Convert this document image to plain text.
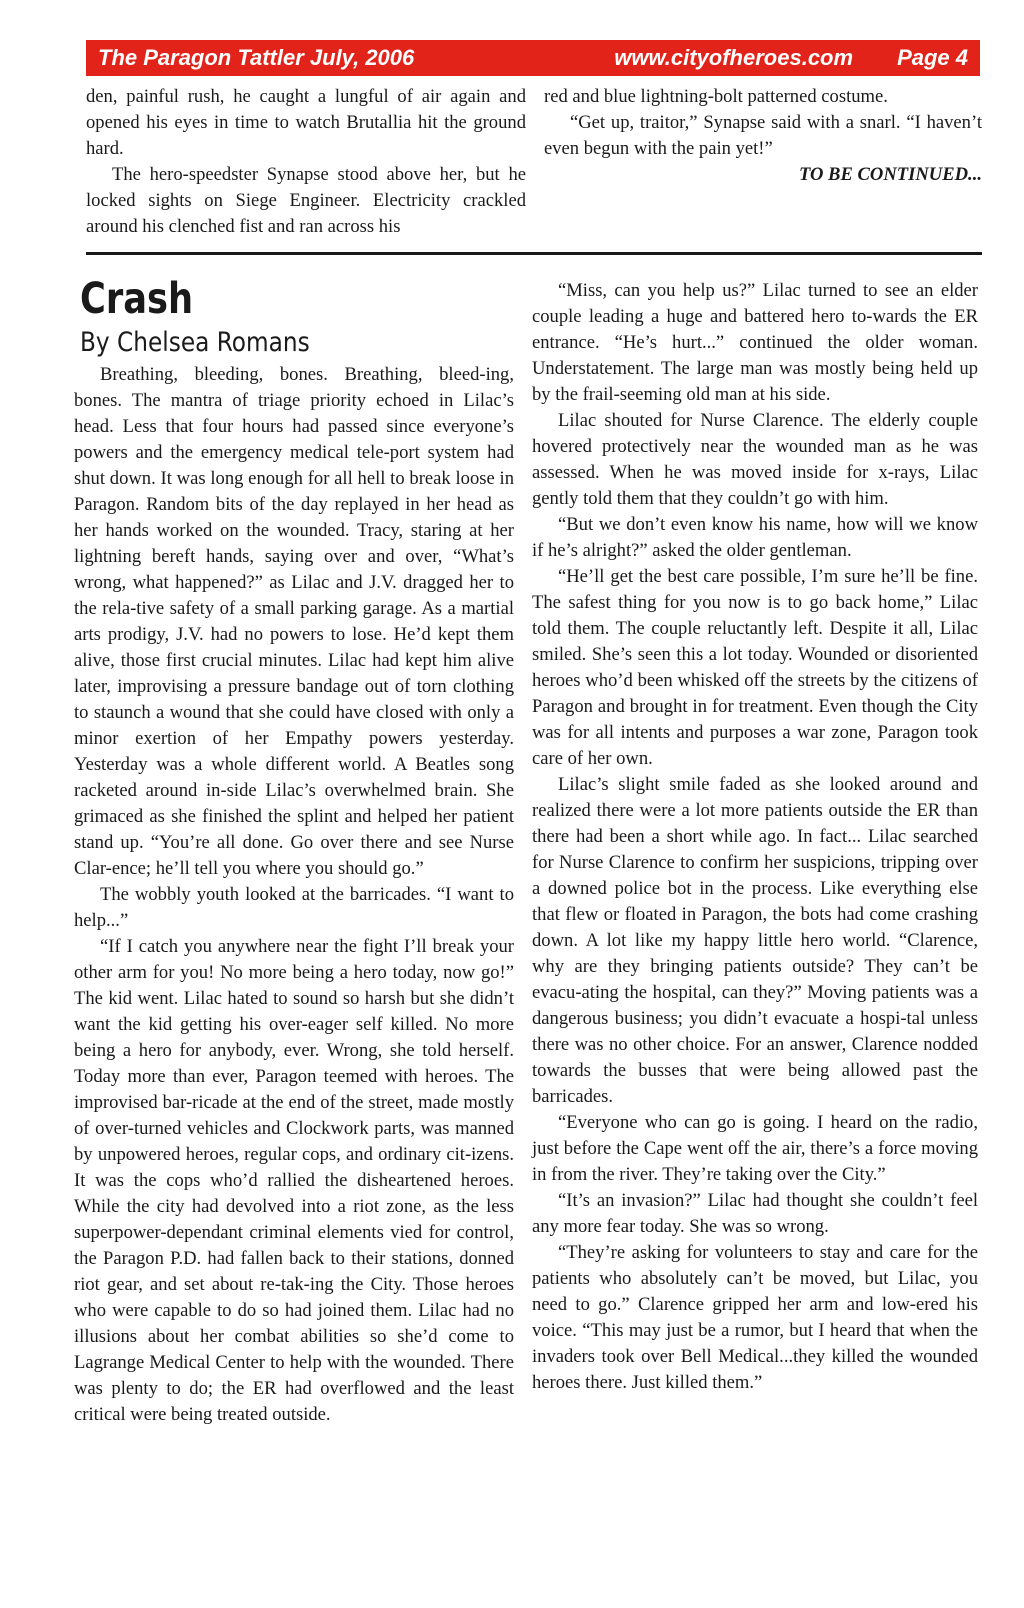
The Paragon Tattler July, 2006	www.cityofheroes.com Page 4

den, painful rush, he caught a lungful of air again and opened his eyes in time to watch Brutallia hit the ground hard.

The hero-speedster Synapse stood above her, but he locked sights on Siege Engineer. Electricity crackled around his clenched fist and ran across his

red and blue lightning-bolt patterned costume.

“Get up, traitor,” Synapse said with a snarl. “I haven’t even begun with the pain yet!”

TO BE CONTINUED...

Crash
By Chelsea Romans

Breathing, bleeding, bones. Breathing, bleed-ing, bones. The mantra of triage priority echoed in Lilac’s head. Less that four hours had passed since everyone’s powers and the emergency medical tele-port system had shut down. It was long enough for all hell to break loose in Paragon. Random bits of the day replayed in her head as her hands worked on the wounded. Tracy, staring at her lightning bereft hands, saying over and over, “What’s wrong, what happened?” as Lilac and J.V. dragged her to the rela-tive safety of a small parking garage. As a martial arts prodigy, J.V. had no powers to lose. He’d kept them alive, those first crucial minutes. Lilac had kept him alive later, improvising a pressure bandage out of torn clothing to staunch a wound that she could have closed with only a minor exertion of her Empathy powers yesterday. Yesterday was a whole different world. A Beatles song racketed around in-side Lilac’s overwhelmed brain. She grimaced as she finished the splint and helped her patient stand up. “You’re all done. Go over there and see Nurse Clar-ence; he’ll tell you where you should go.”

The wobbly youth looked at the barricades. “I want to help...”

“If I catch you anywhere near the fight I’ll break your other arm for you! No more being a hero today, now go!” The kid went. Lilac hated to sound so harsh but she didn’t want the kid getting his over-eager self killed. No more being a hero for anybody, ever. Wrong, she told herself. Today more than ever, Paragon teemed with heroes. The improvised bar-ricade at the end of the street, made mostly of over-turned vehicles and Clockwork parts, was manned by unpowered heroes, regular cops, and ordinary cit-izens. It was the cops who’d rallied the disheartened heroes. While the city had devolved into a riot zone, as the less superpower-dependant criminal elements vied for control, the Paragon P.D. had fallen back to their stations, donned riot gear, and set about re-tak-ing the City. Those heroes who were capable to do so had joined them. Lilac had no illusions about her combat abilities so she’d come to Lagrange Medical Center to help with the wounded. There was plenty to do; the ER had overflowed and the least critical were being treated outside.

“Miss, can you help us?” Lilac turned to see an elder couple leading a huge and battered hero to-wards the ER entrance. “He’s hurt...” continued the older woman. Understatement. The large man was mostly being held up by the frail-seeming old man at his side.

Lilac shouted for Nurse Clarence. The elderly couple hovered protectively near the wounded man as he was assessed. When he was moved inside for x-rays, Lilac gently told them that they couldn’t go with him.

“But we don’t even know his name, how will we know if he’s alright?” asked the older gentleman.

“He’ll get the best care possible, I’m sure he’ll be fine. The safest thing for you now is to go back home,” Lilac told them. The couple reluctantly left. Despite it all, Lilac smiled. She’s seen this a lot today. Wounded or disoriented heroes who’d been whisked off the streets by the citizens of Paragon and brought in for treatment. Even though the City was for all intents and purposes a war zone, Paragon took care of her own.

Lilac’s slight smile faded as she looked around and realized there were a lot more patients outside the ER than there had been a short while ago. In fact... Lilac searched for Nurse Clarence to confirm her suspicions, tripping over a downed police bot in the process. Like everything else that flew or floated in Paragon, the bots had come crashing down. A lot like my happy little hero world. “Clarence, why are they bringing patients outside? They can’t be evacu-ating the hospital, can they?” Moving patients was a dangerous business; you didn’t evacuate a hospi-tal unless there was no other choice. For an answer, Clarence nodded towards the busses that were being allowed past the barricades.

“Everyone who can go is going. I heard on the radio, just before the Cape went off the air, there’s a force moving in from the river. They’re taking over the City.”

“It’s an invasion?” Lilac had thought she couldn’t feel any more fear today. She was so wrong.

“They’re asking for volunteers to stay and care for the patients who absolutely can’t be moved, but Lilac, you need to go.” Clarence gripped her arm and low-ered his voice. “This may just be a rumor, but I heard that when the invaders took over Bell Medical...they killed the wounded heroes there. Just killed them.”
